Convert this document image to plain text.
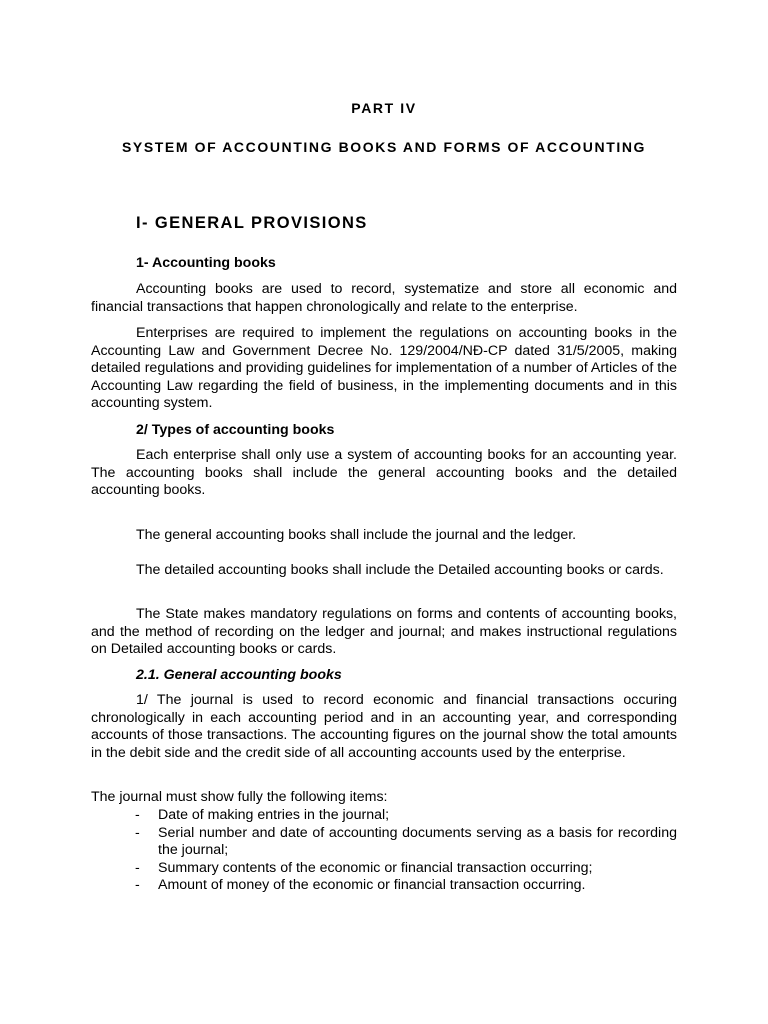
PART IV
SYSTEM OF ACCOUNTING BOOKS AND FORMS OF ACCOUNTING
I- GENERAL PROVISIONS
1- Accounting books
Accounting books are used to record, systematize and store all economic and financial transactions that happen chronologically and relate to the enterprise.
Enterprises are required to implement the regulations on accounting books in the Accounting Law and Government Decree No. 129/2004/NĐ-CP dated 31/5/2005, making detailed regulations and providing guidelines for implementation of a number of Articles of the Accounting Law regarding the field of business, in the implementing documents and in this accounting system.
2/ Types of accounting books
Each enterprise shall only use a system of accounting books for an accounting year. The accounting books shall include the general accounting books and the detailed accounting books.
The general accounting books shall include the journal and the ledger.
The detailed accounting books shall include the Detailed accounting books or cards.
The State makes mandatory regulations on forms and contents of accounting books, and the method of recording on the ledger and journal; and makes instructional regulations on Detailed accounting books or cards.
2.1. General accounting books
1/ The journal is used to record economic and financial transactions occuring chronologically in each accounting period and in an accounting year, and corresponding accounts of those transactions. The accounting figures on the journal show the total amounts in the debit side and the credit side of all accounting accounts used by the enterprise.
The journal must show fully the following items:
- Date of making entries in the journal;
- Serial number and date of accounting documents serving as a basis for recording the journal;
- Summary contents of the economic or financial transaction occurring;
- Amount of money of the economic or financial transaction occurring.
